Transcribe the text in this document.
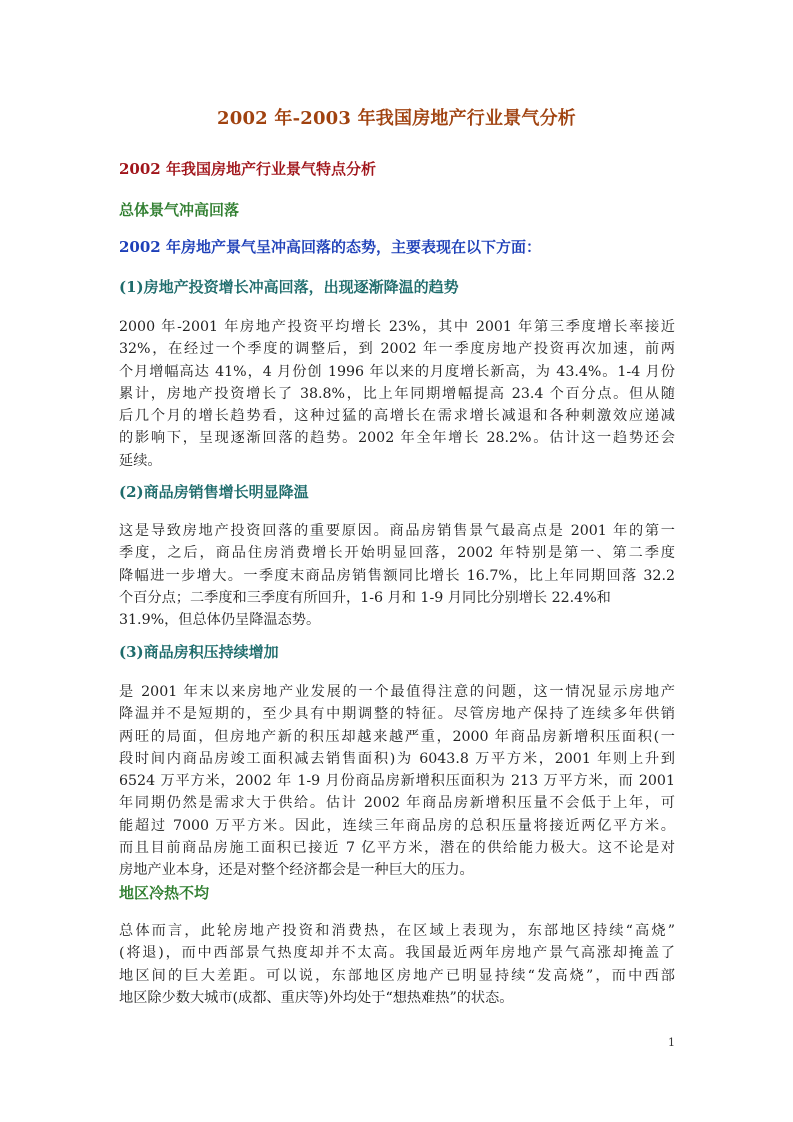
2002 年-2003 年我国房地产行业景气分析
2002 年我国房地产行业景气特点分析
总体景气冲高回落
2002 年房地产景气呈冲高回落的态势，主要表现在以下方面：
(1)房地产投资增长冲高回落，出现逐渐降温的趋势
2000 年-2001 年房地产投资平均增长 23%，其中 2001 年第三季度增长率接近
32%，在经过一个季度的调整后，到 2002 年一季度房地产投资再次加速，前两
个月增幅高达 41%，4 月份创 1996 年以来的月度增长新高，为 43.4%。1-4 月份
累计，房地产投资增长了 38.8%，比上年同期增幅提高 23.4 个百分点。但从随
后几个月的增长趋势看，这种过猛的高增长在需求增长减退和各种刺激效应递减
的影响下，呈现逐渐回落的趋势。2002 年全年增长 28.2%。估计这一趋势还会
延续。
(2)商品房销售增长明显降温
这是导致房地产投资回落的重要原因。商品房销售景气最高点是 2001 年的第一
季度，之后，商品住房消费增长开始明显回落，2002 年特别是第一、第二季度
降幅进一步增大。一季度末商品房销售额同比增长 16.7%，比上年同期回落 32.2
个百分点；二季度和三季度有所回升，1-6 月和 1-9 月同比分别增长 22.4%和
31.9%，但总体仍呈降温态势。
(3)商品房积压持续增加
是 2001 年末以来房地产业发展的一个最值得注意的问题，这一情况显示房地产
降温并不是短期的，至少具有中期调整的特征。尽管房地产保持了连续多年供销
两旺的局面，但房地产新的积压却越来越严重，2000 年商品房新增积压面积(一
段时间内商品房竣工面积减去销售面积)为 6043.8 万平方米，2001 年则上升到
6524 万平方米，2002 年 1-9 月份商品房新增积压面积为 213 万平方米，而 2001
年同期仍然是需求大于供给。估计 2002 年商品房新增积压量不会低于上年，可
能超过 7000 万平方米。因此，连续三年商品房的总积压量将接近两亿平方米。
而且目前商品房施工面积已接近 7 亿平方米，潜在的供给能力极大。这不论是对
房地产业本身，还是对整个经济都会是一种巨大的压力。
地区冷热不均
总体而言，此轮房地产投资和消费热，在区域上表现为，东部地区持续“高烧”
(将退)，而中西部景气热度却并不太高。我国最近两年房地产景气高涨却掩盖了
地区间的巨大差距。可以说，东部地区房地产已明显持续“发高烧”，而中西部
地区除少数大城市(成都、重庆等)外均处于“想热难热”的状态。
1
